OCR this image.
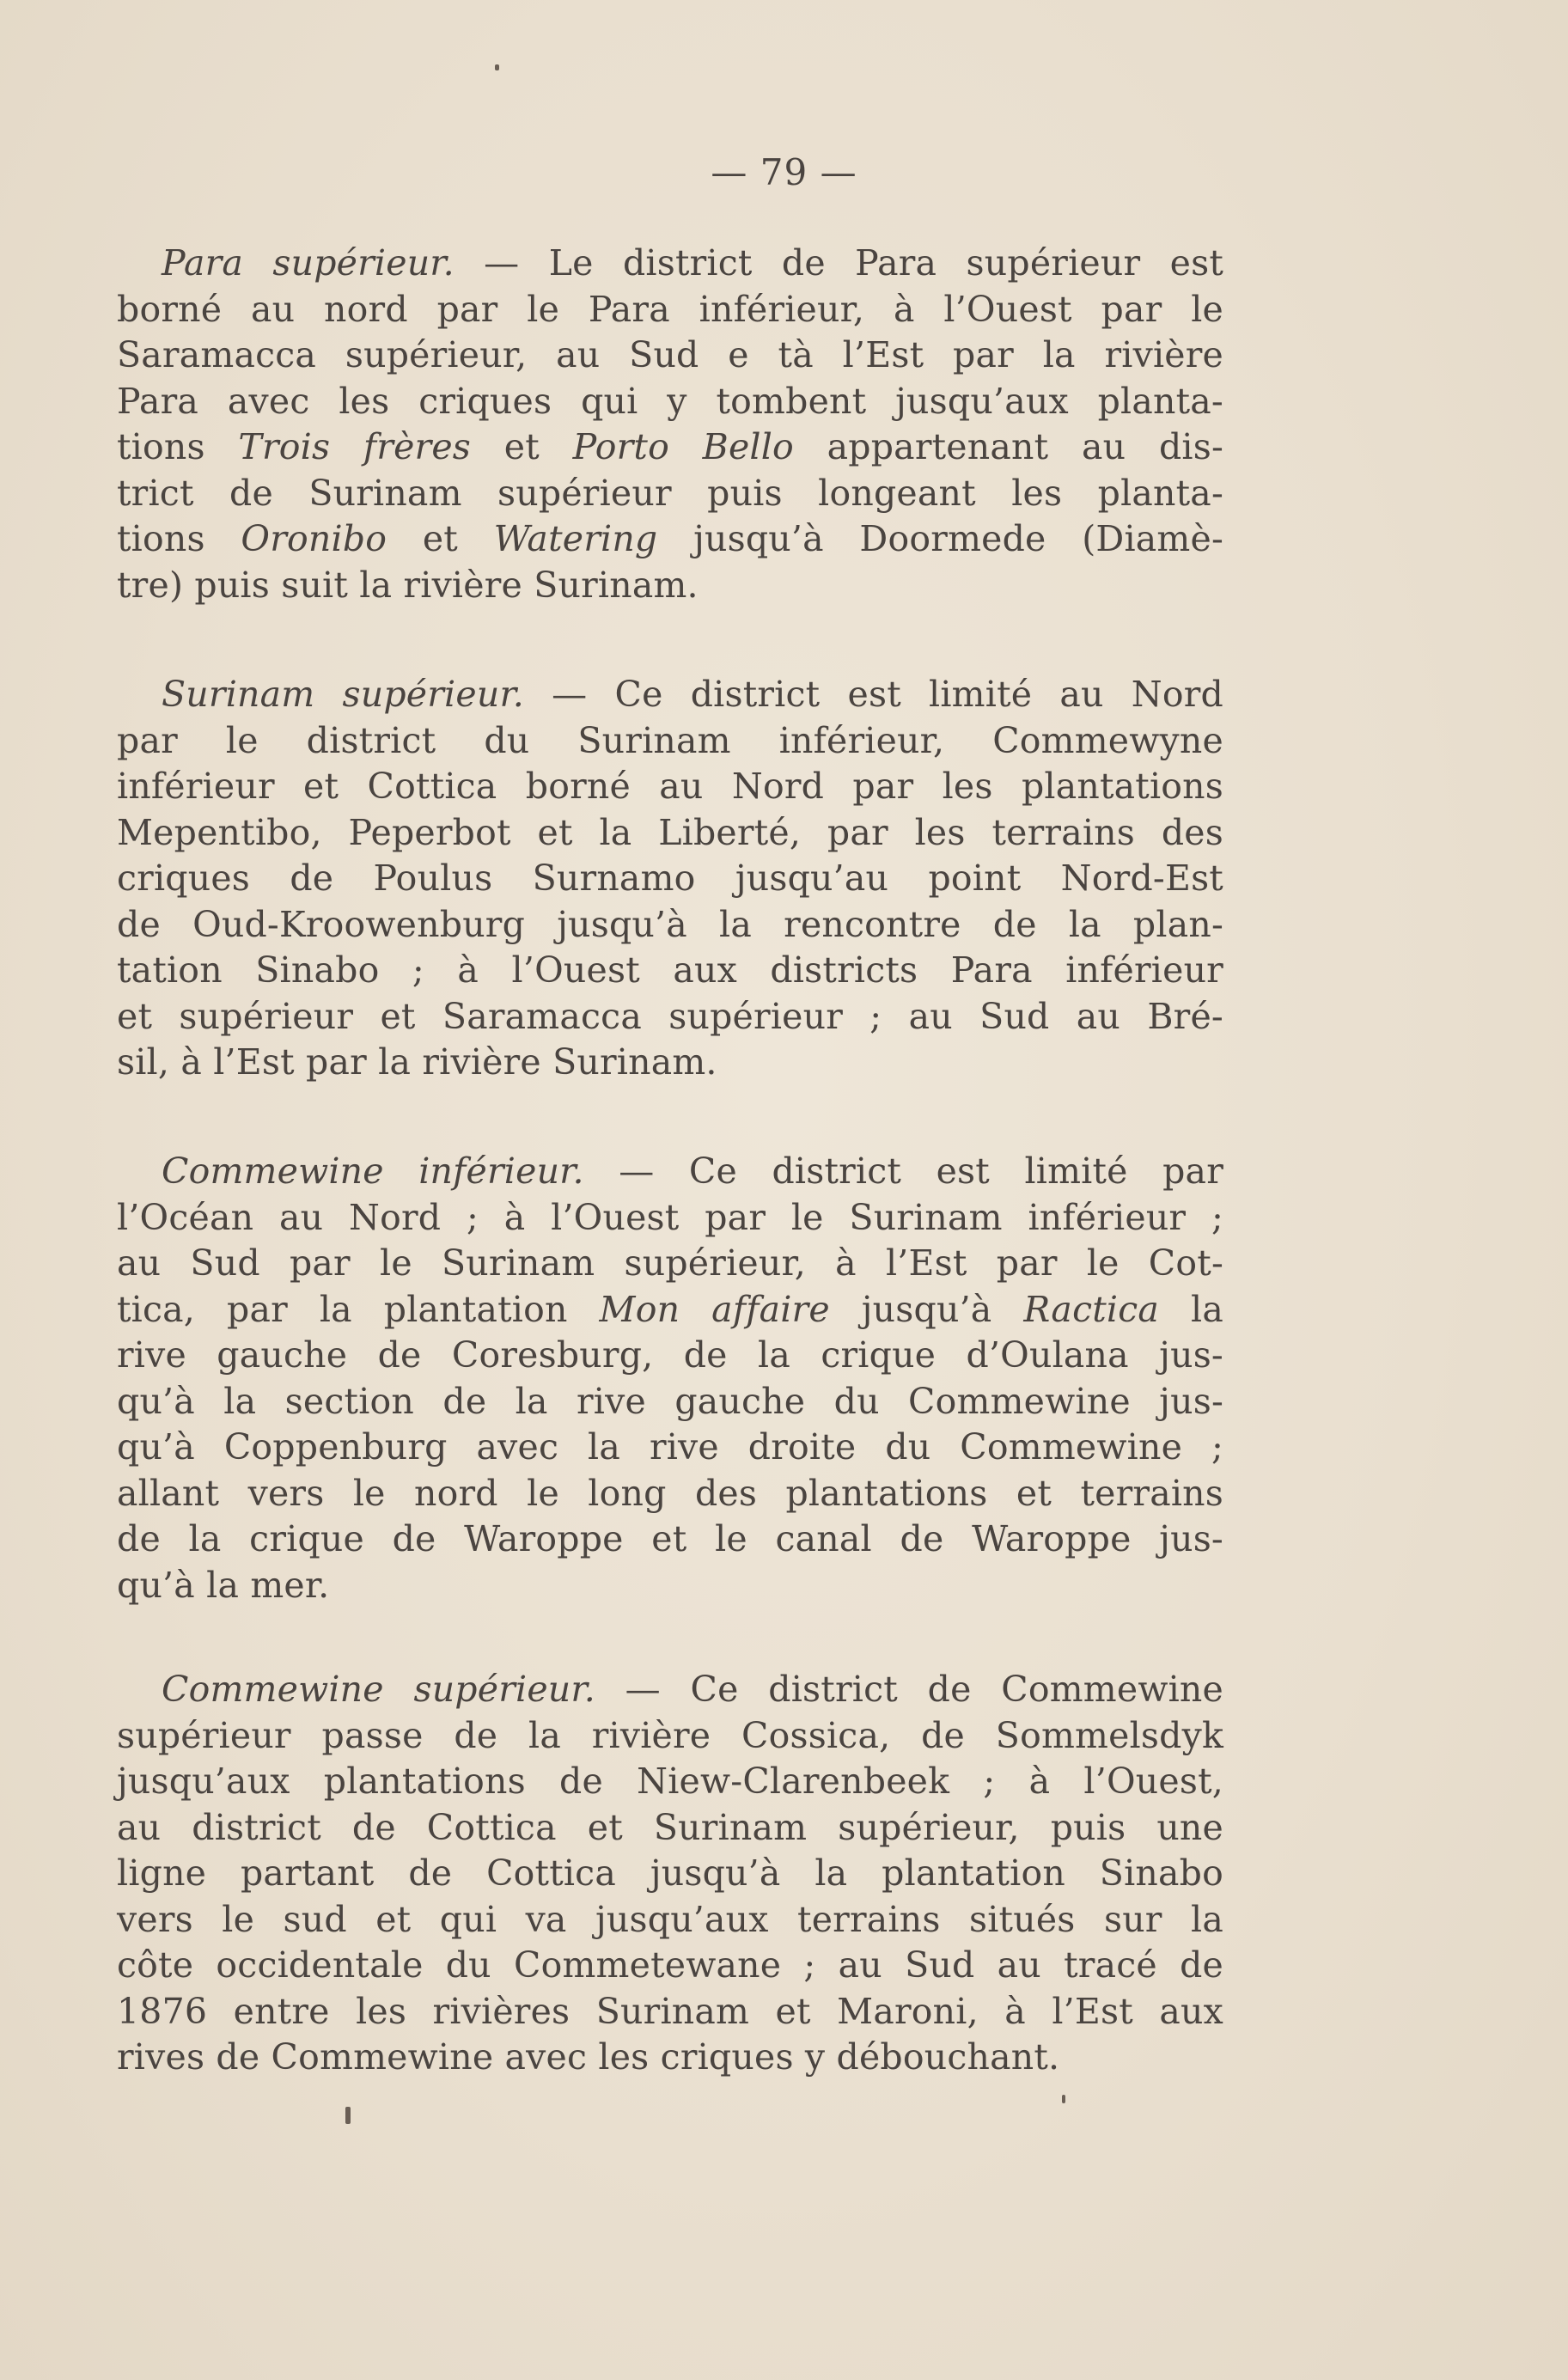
— 79 —
Para supérieur. — Le district de Para supérieur est
borné au nord par le Para inférieur, à l’Ouest par le
Saramacca supérieur, au Sud e tà l’Est par la rivière
Para avec les criques qui y tombent jusqu’aux planta-
tions Trois frères et Porto Bello appartenant au dis-
trict de Surinam supérieur puis longeant les planta-
tions Oronibo et Watering jusqu’à Doormede (Diamè-
tre) puis suit la rivière Surinam.
Surinam supérieur. — Ce district est limité au Nord
par le district du Surinam inférieur, Commewyne
inférieur et Cottica borné au Nord par les plantations
Mepentibo, Peperbot et la Liberté, par les terrains des
criques de Poulus Surnamo jusqu’au point Nord-Est
de Oud-Kroowenburg jusqu’à la rencontre de la plan-
tation Sinabo ; à l’Ouest aux districts Para inférieur
et supérieur et Saramacca supérieur ; au Sud au Bré-
sil, à l’Est par la rivière Surinam.
Commewine inférieur. — Ce district est limité par
l’Océan au Nord ; à l’Ouest par le Surinam inférieur ;
au Sud par le Surinam supérieur, à l’Est par le Cot-
tica, par la plantation Mon affaire jusqu’à Ractica la
rive gauche de Coresburg, de la crique d’Oulana jus-
qu’à la section de la rive gauche du Commewine jus-
qu’à Coppenburg avec la rive droite du Commewine ;
allant vers le nord le long des plantations et terrains
de la crique de Waroppe et le canal de Waroppe jus-
qu’à la mer.
Commewine supérieur. — Ce district de Commewine
supérieur passe de la rivière Cossica, de Sommelsdyk
jusqu’aux plantations de Niew-Clarenbeek ; à l’Ouest,
au district de Cottica et Surinam supérieur, puis une
ligne partant de Cottica jusqu’à la plantation Sinabo
vers le sud et qui va jusqu’aux terrains situés sur la
côte occidentale du Commetewane ; au Sud au tracé de
1876 entre les rivières Surinam et Maroni, à l’Est aux
rives de Commewine avec les criques y débouchant.
